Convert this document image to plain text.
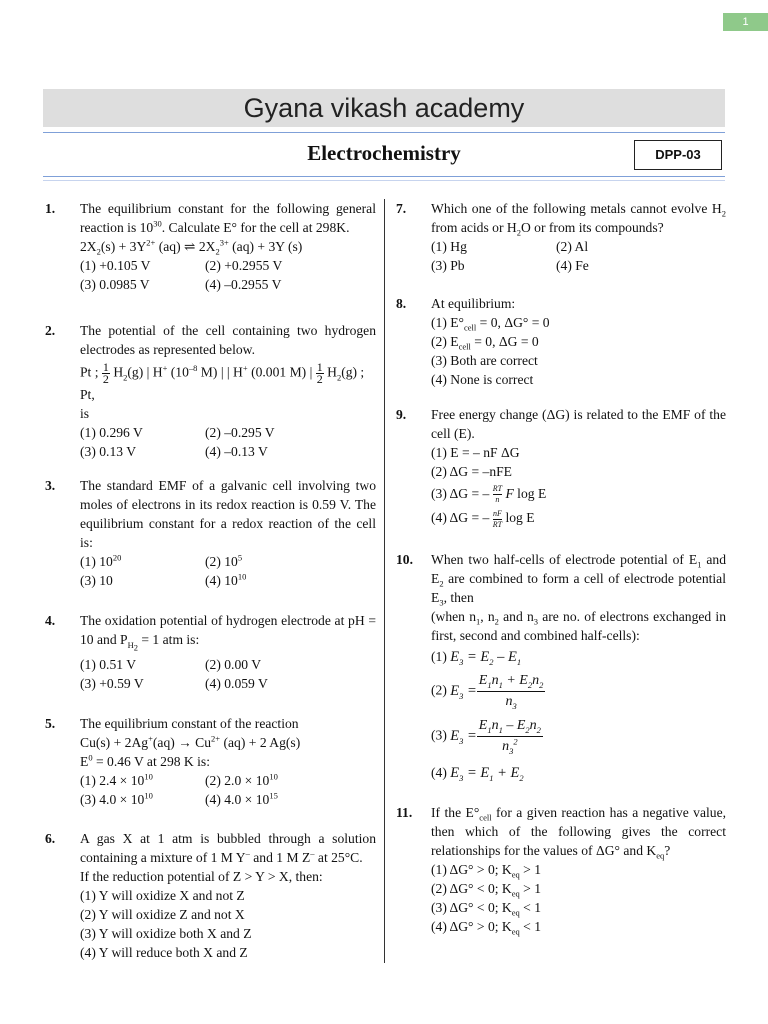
1
Gyana vikash academy
Electrochemistry	DPP-03
1. The equilibrium constant for the following general reaction is $10^{30}$. Calculate E° for the cell at 298K.
$2X_2(s) + 3Y^{2+}$ (aq) ⇌ $2X_2^{3+}$ (aq) + 3Y (s)
(1) +0.105 V	(2) +0.2955 V
(3) 0.0985 V	(4) –0.2955 V
2. The potential of the cell containing two hydrogen electrodes as represented below.
Pt ; $\frac{1}{2} H_2(g)$ | H+ ($10^{-8}$ M) | | H+ (0.001 M) | $\frac{1}{2} H_2(g)$ ; Pt,
is
(1) 0.296 V	(2) –0.295 V
(3) 0.13 V	(4) –0.13 V
3. The standard EMF of a galvanic cell involving two moles of electrons in its redox reaction is 0.59 V. The equilibrium constant for a redox reaction of the cell is:
(1) $10^{20}$	(2) $10^5$
(3) 10	(4) $10^{10}$
4. The oxidation potential of hydrogen electrode at pH = 10 and $P_{H_2} = 1$ atm is:
(1) 0.51 V	(2) 0.00 V
(3) +0.59 V	(4) 0.059 V
5. The equilibrium constant of the reaction
$Cu(s) + 2Ag^+(aq) \to Cu^{2+}$ (aq) + 2 Ag(s)
$E^0 = 0.46$ V at 298 K is:
(1) $2.4 \times 10^{10}$	(2) $2.0 \times 10^{10}$
(3) $4.0 \times 10^{10}$	(4) $4.0 \times 10^{15}$
6. A gas X at 1 atm is bubbled through a solution containing a mixture of 1 M Y– and 1 M Z– at 25°C.
If the reduction potential of Z > Y > X, then:
(1) Y will oxidize X and not Z
(2) Y will oxidize Z and not X
(3) Y will oxidize both X and Z
(4) Y will reduce both X and Z
7. Which one of the following metals cannot evolve $H_2$ from acids or $H_2O$ or from its compounds?
(1) Hg	(2) Al
(3) Pb	(4) Fe
8. At equilibrium:
(1) $E^\circ_{cell} = 0$, ΔG° = 0
(2) $E_{cell} = 0$, ΔG = 0
(3) Both are correct
(4) None is correct
9. Free energy change (ΔG) is related to the EMF of the cell (E).
(1) E = – nF ΔG
(2) ΔG = –nFE
(3) ΔG = – $\frac{RT}{n}$ F log E
(4) ΔG = – $\frac{nF}{RT}$ log E
10. When two half-cells of electrode potential of $E_1$ and $E_2$ are combined to form a cell of electrode potential $E_3$, then
(when $n_1$, $n_2$ and $n_3$ are no. of electrons exchanged in first, second and combined half-cells):
(1) $E_3 = E_2 - E_1$
(2) $E_3 = \frac{E_1n_1 + E_2n_2}{n_3}$
(3) $E_3 = \frac{E_1n_1 - E_2n_2}{n_3^2}$
(4) $E_3 = E_1 + E_2$
11. If the $E^\circ_{cell}$ for a given reaction has a negative value, then which of the following gives the correct relationships for the values of ΔG° and $K_{eq}$?
(1) ΔG° > 0; $K_{eq} > 1$
(2) ΔG° < 0; $K_{eq} > 1$
(3) ΔG° < 0; $K_{eq} < 1$
(4) ΔG° > 0; $K_{eq} < 1$
